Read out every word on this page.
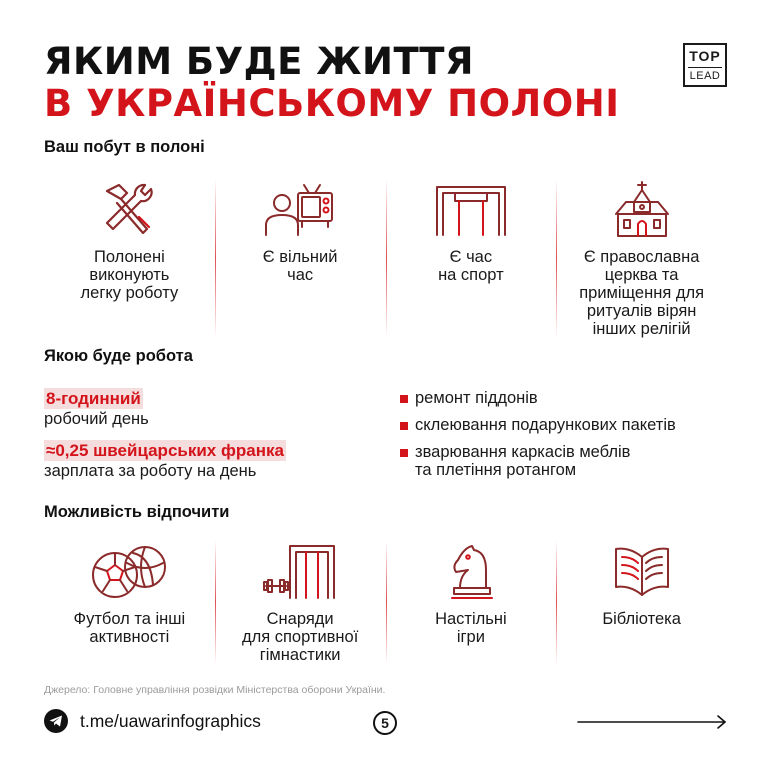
ЯКИМ БУДЕ ЖИТТЯ
В УКРАЇНСЬКОМУ ПОЛОНІ
TOP
LEAD
Ваш побут в полоні
Полонені
виконують
легку роботу
Є вільний
час
Є час
на спорт
Є православна
церква та
приміщення для
ритуалів вірян
інших релігій
Якою буде робота
8-годинний
робочий день
≈0,25 швейцарських франка
зарплата за роботу на день
ремонт піддонів
склеювання подарункових пакетів
зварювання каркасів меблів
та плетіння ротангом
Можливість відпочити
Футбол та інші
активності
Снаряди
для спортивної
гімнастики
Настільні
ігри
Бібліотека
Джерело: Головне управління розвідки Міністерства оборони України.
t.me/uawarinfographics	5
